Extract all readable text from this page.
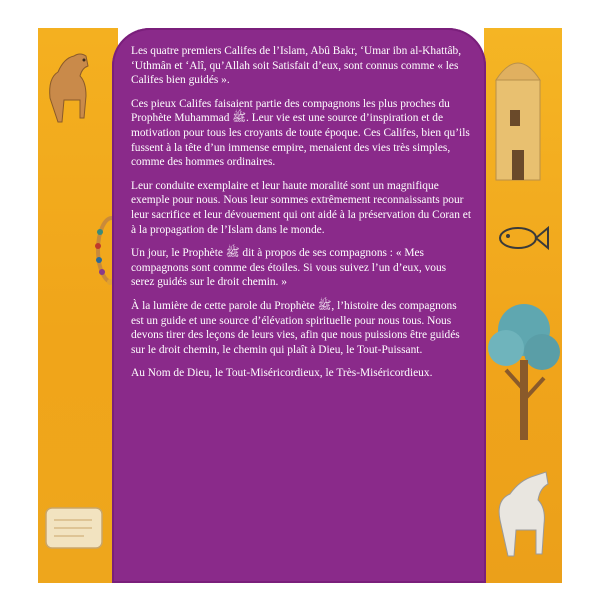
Les quatre premiers Califes de l’Islam, Abû Bakr, ‘Umar ibn al-Khattâb, ‘Uthmân et ‘Alî, qu’Allah soit Satisfait d’eux, sont connus comme « les Califes bien guidés ».

Ces pieux Califes faisaient partie des compagnons les plus proches du Prophète Muhammad ﷺ. Leur vie est une source d’inspiration et de motivation pour tous les croyants de toute époque. Ces Califes, bien qu’ils fussent à la tête d’un immense empire, menaient des vies très simples, comme des hommes ordinaires.

Leur conduite exemplaire et leur haute moralité sont un magnifique exemple pour nous. Nous leur sommes extrêmement reconnaissants pour leur sacrifice et leur dévouement qui ont aidé à la préservation du Coran et à la propagation de l’Islam dans le monde.

Un jour, le Prophète ﷺ dit à propos de ses compagnons : « Mes compagnons sont comme des étoiles. Si vous suivez l’un d’eux, vous serez guidés sur le droit chemin. »

À la lumière de cette parole du Prophète ﷺ, l’histoire des compagnons est un guide et une source d’élévation spirituelle pour nous tous. Nous devons tirer des leçons de leurs vies, afin que nous puissions être guidés sur le droit chemin, le chemin qui plaît à Dieu, le Tout-Puissant.

Au Nom de Dieu, le Tout-Miséricordieux, le Très-Miséricordieux.
